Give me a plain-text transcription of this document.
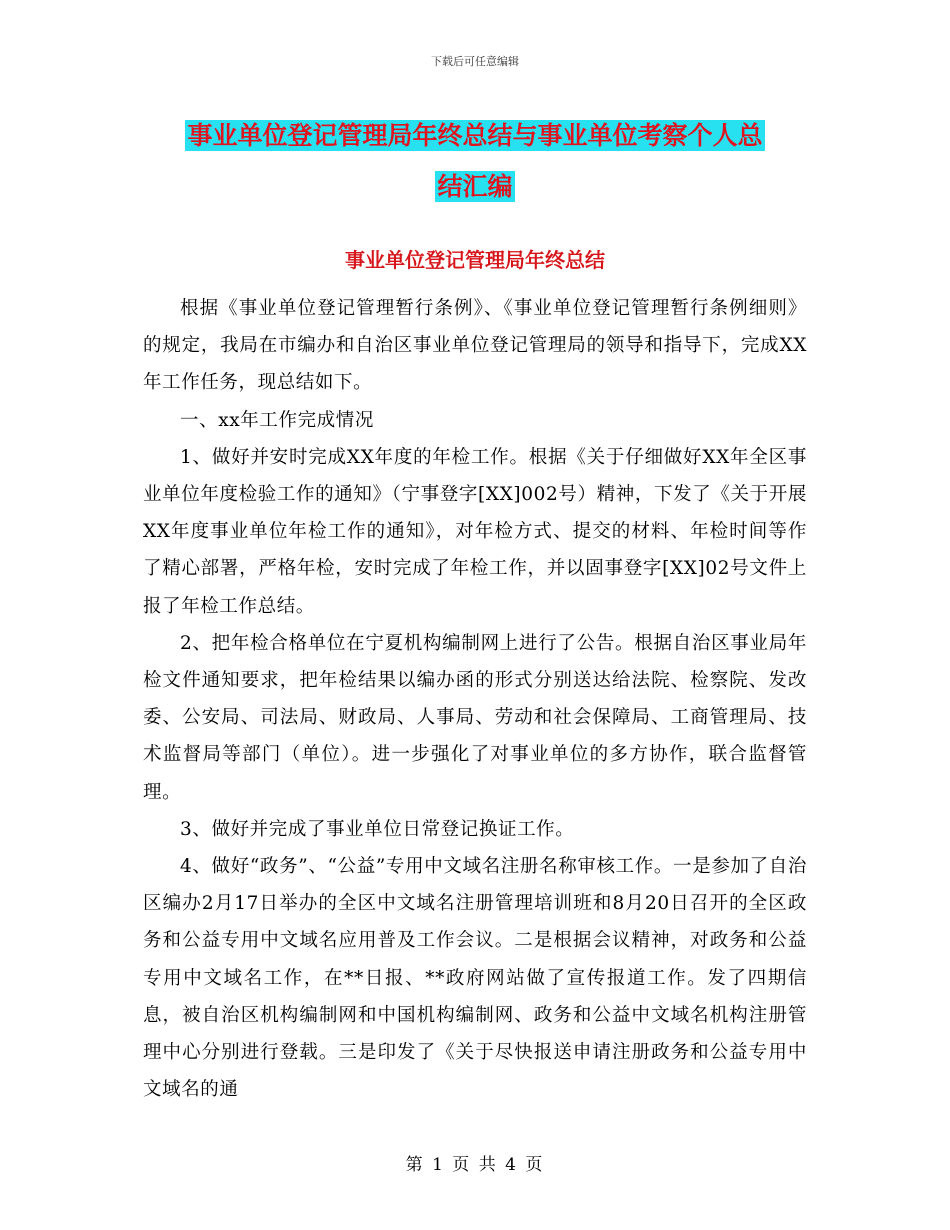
下载后可任意编辑
事业单位登记管理局年终总结与事业单位考察个人总
结汇编
事业单位登记管理局年终总结

根据《事业单位登记管理暂行条例》、《事业单位登记管理暂行条例细则》的规定，我局在市编办和自治区事业单位登记管理局的领导和指导下，完成XX年工作任务，现总结如下。

一、xx年工作完成情况

1、做好并安时完成XX年度的年检工作。根据《关于仔细做好XX年全区事业单位年度检验工作的通知》（宁事登字[XX]002号）精神，下发了《关于开展XX年度事业单位年检工作的通知》，对年检方式、提交的材料、年检时间等作了精心部署，严格年检，安时完成了年检工作，并以固事登字[XX]02号文件上报了年检工作总结。

2、把年检合格单位在宁夏机构编制网上进行了公告。根据自治区事业局年检文件通知要求，把年检结果以编办函的形式分别送达给法院、检察院、发改委、公安局、司法局、财政局、人事局、劳动和社会保障局、工商管理局、技术监督局等部门（单位）。进一步强化了对事业单位的多方协作，联合监督管理。

3、做好并完成了事业单位日常登记换证工作。

4、做好“政务”、“公益”专用中文域名注册名称审核工作。一是参加了自治区编办2月17日举办的全区中文域名注册管理培训班和8月20日召开的全区政务和公益专用中文域名应用普及工作会议。二是根据会议精神，对政务和公益专用中文域名工作，在**日报、**政府网站做了宣传报道工作。发了四期信息，被自治区机构编制网和中国机构编制网、政务和公益中文域名机构注册管理中心分别进行登载。三是印发了《关于尽快报送申请注册政务和公益专用中文域名的通

第 1 页 共 4 页
